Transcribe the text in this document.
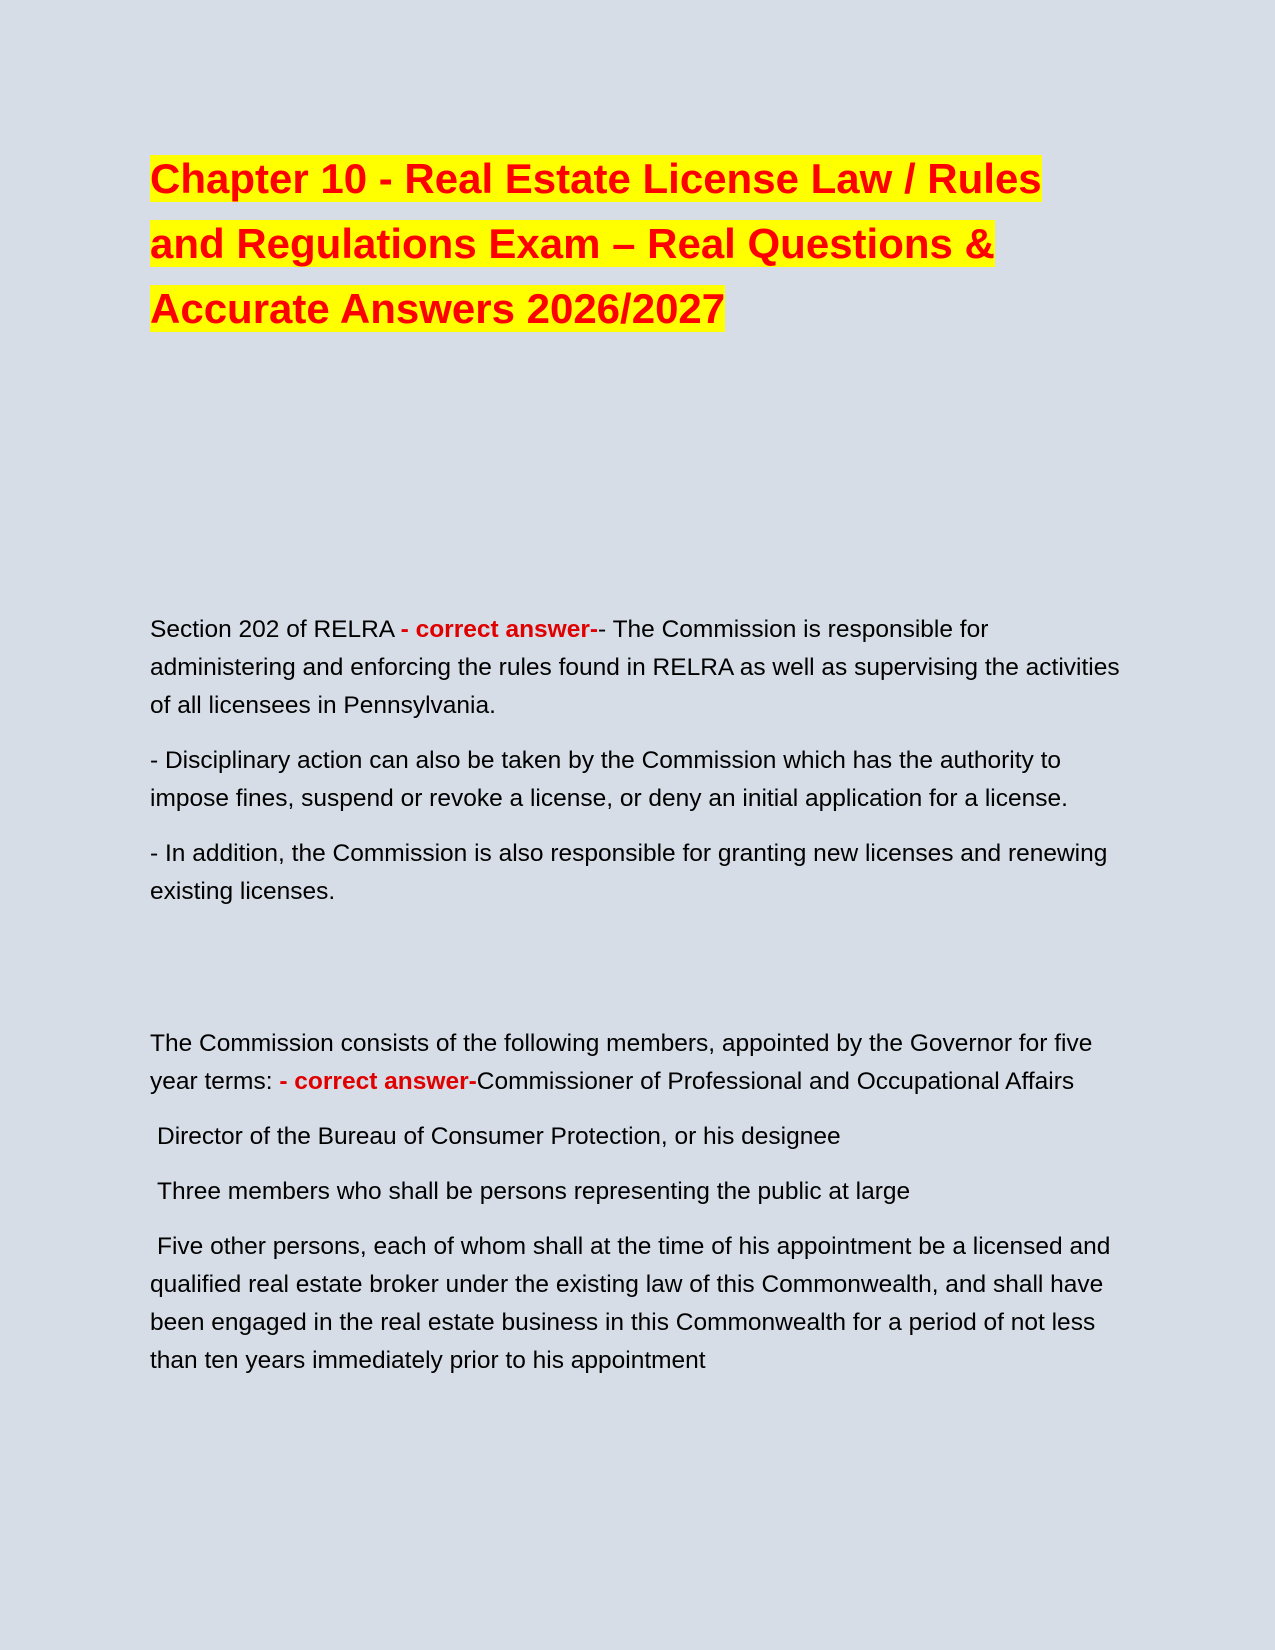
Chapter 10 - Real Estate License Law / Rules and Regulations Exam – Real Questions & Accurate Answers 2026/2027

Section 202 of RELRA - correct answer-- The Commission is responsible for administering and enforcing the rules found in RELRA as well as supervising the activities of all licensees in Pennsylvania.

- Disciplinary action can also be taken by the Commission which has the authority to impose fines, suspend or revoke a license, or deny an initial application for a license.

- In addition, the Commission is also responsible for granting new licenses and renewing existing licenses.

The Commission consists of the following members, appointed by the Governor for five year terms: - correct answer-Commissioner of Professional and Occupational Affairs

Director of the Bureau of Consumer Protection, or his designee

Three members who shall be persons representing the public at large

Five other persons, each of whom shall at the time of his appointment be a licensed and qualified real estate broker under the existing law of this Commonwealth, and shall have been engaged in the real estate business in this Commonwealth for a period of not less than ten years immediately prior to his appointment
